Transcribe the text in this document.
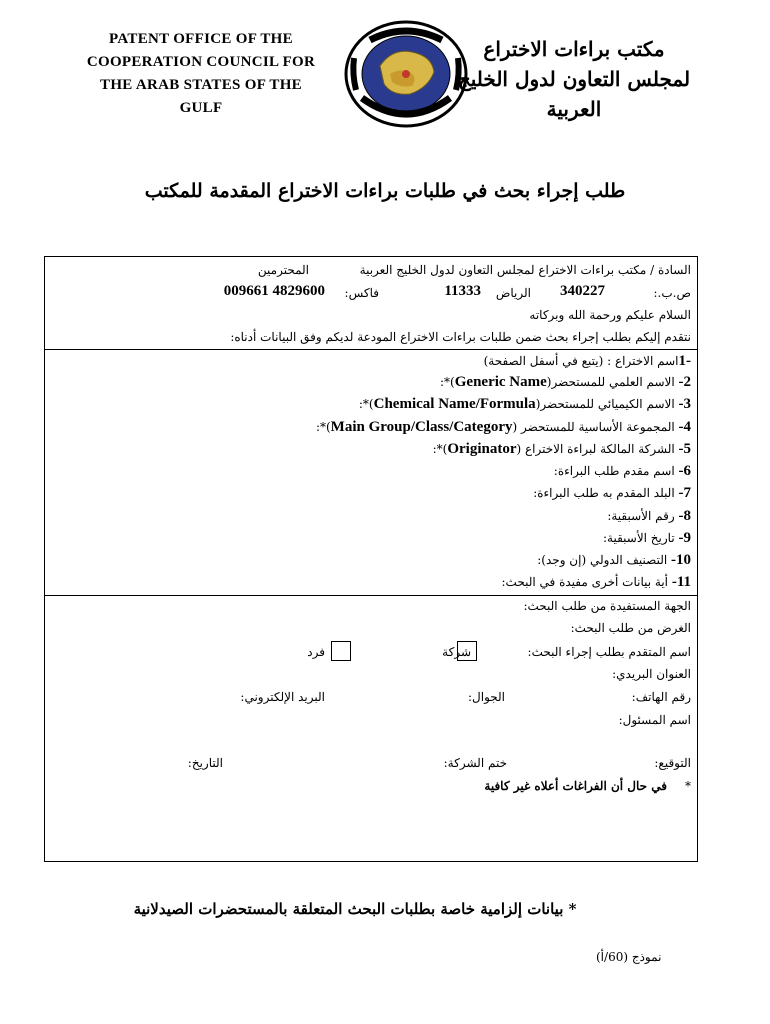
PATENT OFFICE OF THE
COOPERATION COUNCIL FOR
THE ARAB STATES OF THE
GULF
مكتب براءات الاختراع
لمجلس التعاون لدول الخليج
العربية
طلب إجراء بحث في طلبات براءات الاختراع المقدمة للمكتب
السادة / مكتب براءات الاختراع لمجلس التعاون لدول الخليج العربية
المحترمين
ص.ب.:
340227
الرياض
11333
فاكس:
009661 4829600
السلام عليكم ورحمة الله وبركاته
نتقدم إليكم بطلب إجراء بحث ضمن طلبات براءات الاختراع المودعة لديكم وفق البيانات أدناه:
-1اسم الاختراع : (يتبع في أسفل الصفحة)
2- الاسم العلمي للمستحضر(Generic Name)*:
3- الاسم الكيميائي للمستحضر(Chemical Name/Formula)*:
4- المجموعة الأساسية للمستحضر (Main Group/Class/Category)*:
5- الشركة المالكة لبراءة الاختراع (Originator)*:
6- اسم مقدم طلب البراءة:
7- البلد المقدم به طلب البراءة:
8- رقم الأسبقية:
9- تاريخ الأسبقية:
10- التصنيف الدولي (إن وجد):
11- أية بيانات أخرى مفيدة في البحث:
الجهة المستفيدة من طلب البحث:
الغرض من طلب البحث:
اسم المتقدم بطلب إجراء البحث:
شركة
فرد
العنوان البريدي:
رقم الهاتف:
الجوال:
البريد الإلكتروني:
اسم المسئول:
التوقيع:
ختم الشركة:
التاريخ:
*
في حال أن الفراغات أعلاه غير كافية
* بيانات إلزامية خاصة بطلبات البحث المتعلقة بالمستحضرات الصيدلانية
نموذج (60/أ)
